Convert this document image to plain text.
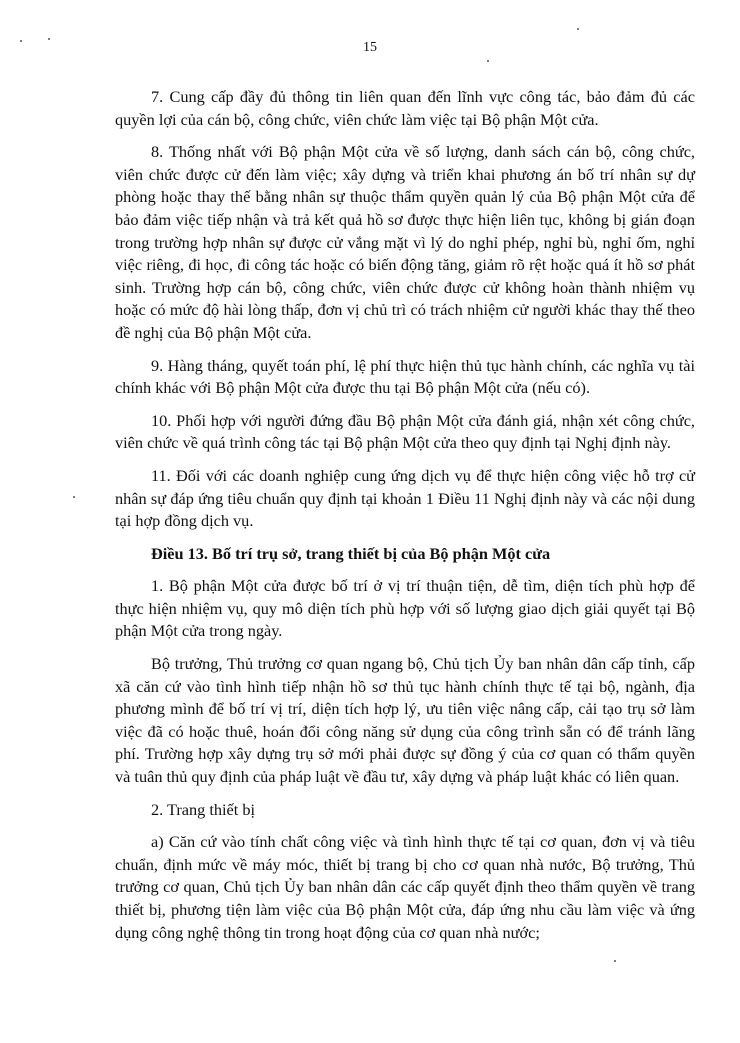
15

7. Cung cấp đầy đủ thông tin liên quan đến lĩnh vực công tác, bảo đảm đủ các quyền lợi của cán bộ, công chức, viên chức làm việc tại Bộ phận Một cửa.

8. Thống nhất với Bộ phận Một cửa về số lượng, danh sách cán bộ, công chức, viên chức được cử đến làm việc; xây dựng và triển khai phương án bố trí nhân sự dự phòng hoặc thay thế bằng nhân sự thuộc thẩm quyền quản lý của Bộ phận Một cửa để bảo đảm việc tiếp nhận và trả kết quả hồ sơ được thực hiện liên tục, không bị gián đoạn trong trường hợp nhân sự được cử vắng mặt vì lý do nghỉ phép, nghỉ bù, nghỉ ốm, nghỉ việc riêng, đi học, đi công tác hoặc có biến động tăng, giảm rõ rệt hoặc quá ít hồ sơ phát sinh. Trường hợp cán bộ, công chức, viên chức được cử không hoàn thành nhiệm vụ hoặc có mức độ hài lòng thấp, đơn vị chủ trì có trách nhiệm cử người khác thay thế theo đề nghị của Bộ phận Một cửa.

9. Hàng tháng, quyết toán phí, lệ phí thực hiện thủ tục hành chính, các nghĩa vụ tài chính khác với Bộ phận Một cửa được thu tại Bộ phận Một cửa (nếu có).

10. Phối hợp với người đứng đầu Bộ phận Một cửa đánh giá, nhận xét công chức, viên chức về quá trình công tác tại Bộ phận Một cửa theo quy định tại Nghị định này.

11. Đối với các doanh nghiệp cung ứng dịch vụ để thực hiện công việc hỗ trợ cử nhân sự đáp ứng tiêu chuẩn quy định tại khoản 1 Điều 11 Nghị định này và các nội dung tại hợp đồng dịch vụ.

Điều 13. Bố trí trụ sở, trang thiết bị của Bộ phận Một cửa

1. Bộ phận Một cửa được bố trí ở vị trí thuận tiện, dễ tìm, diện tích phù hợp để thực hiện nhiệm vụ, quy mô diện tích phù hợp với số lượng giao dịch giải quyết tại Bộ phận Một cửa trong ngày.

Bộ trưởng, Thủ trưởng cơ quan ngang bộ, Chủ tịch Ủy ban nhân dân cấp tỉnh, cấp xã căn cứ vào tình hình tiếp nhận hồ sơ thủ tục hành chính thực tế tại bộ, ngành, địa phương mình để bố trí vị trí, diện tích hợp lý, ưu tiên việc nâng cấp, cải tạo trụ sở làm việc đã có hoặc thuê, hoán đổi công năng sử dụng của công trình sẵn có để tránh lãng phí. Trường hợp xây dựng trụ sở mới phải được sự đồng ý của cơ quan có thẩm quyền và tuân thủ quy định của pháp luật về đầu tư, xây dựng và pháp luật khác có liên quan.

2. Trang thiết bị

a) Căn cứ vào tính chất công việc và tình hình thực tế tại cơ quan, đơn vị và tiêu chuẩn, định mức về máy móc, thiết bị trang bị cho cơ quan nhà nước, Bộ trưởng, Thủ trưởng cơ quan, Chủ tịch Ủy ban nhân dân các cấp quyết định theo thẩm quyền về trang thiết bị, phương tiện làm việc của Bộ phận Một cửa, đáp ứng nhu cầu làm việc và ứng dụng công nghệ thông tin trong hoạt động của cơ quan nhà nước;
